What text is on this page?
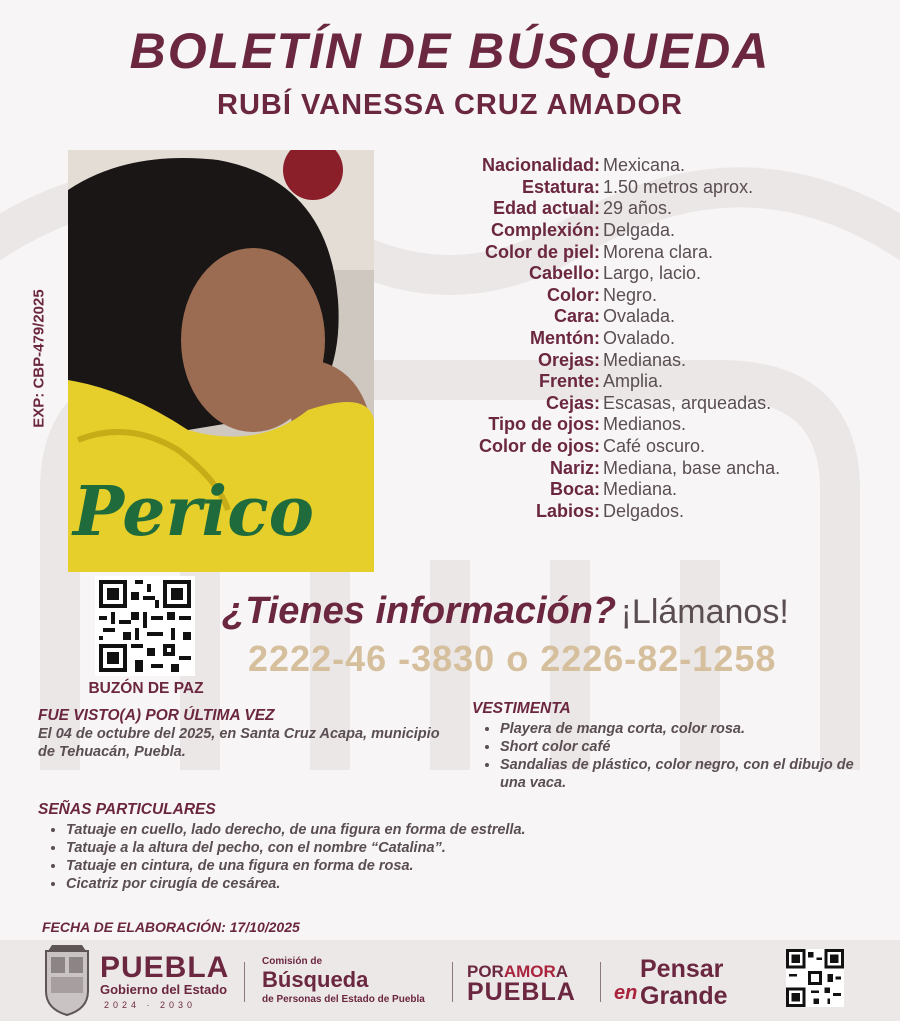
BOLETÍN DE BÚSQUEDA
RUBÍ VANESSA CRUZ AMADOR
EXP: CBP-479/2025
Perico
Nacionalidad: Mexicana.
Estatura: 1.50 metros aprox.
Edad actual: 29 años.
Complexión: Delgada.
Color de piel: Morena clara.
Cabello: Largo, lacio.
Color: Negro.
Cara: Ovalada.
Mentón: Ovalado.
Orejas: Medianas.
Frente: Amplia.
Cejas: Escasas, arqueadas.
Tipo de ojos: Medianos.
Color de ojos: Café oscuro.
Nariz: Mediana, base ancha.
Boca: Mediana.
Labios: Delgados.
BUZÓN DE PAZ
¿Tienes información? ¡Llámanos!
2222-46 -3830 o 2226-82-1258
FUE VISTO(A) POR ÚLTIMA VEZ
El 04 de octubre del 2025, en Santa Cruz Acapa, municipio de Tehuacán, Puebla.
VESTIMENTA
• Playera de manga corta, color rosa.
• Short color café
• Sandalias de plástico, color negro, con el dibujo de una vaca.
SEÑAS PARTICULARES
• Tatuaje en cuello, lado derecho, de una figura en forma de estrella.
• Tatuaje a la altura del pecho, con el nombre “Catalina”.
• Tatuaje en cintura, de una figura en forma de rosa.
• Cicatriz por cirugía de cesárea.
FECHA DE ELABORACIÓN: 17/10/2025
PUEBLA
Gobierno del Estado
2024 · 2030
Comisión de
Búsqueda
de Personas del Estado de Puebla
PORAMORA
PUEBLA
Pensar
en Grande
